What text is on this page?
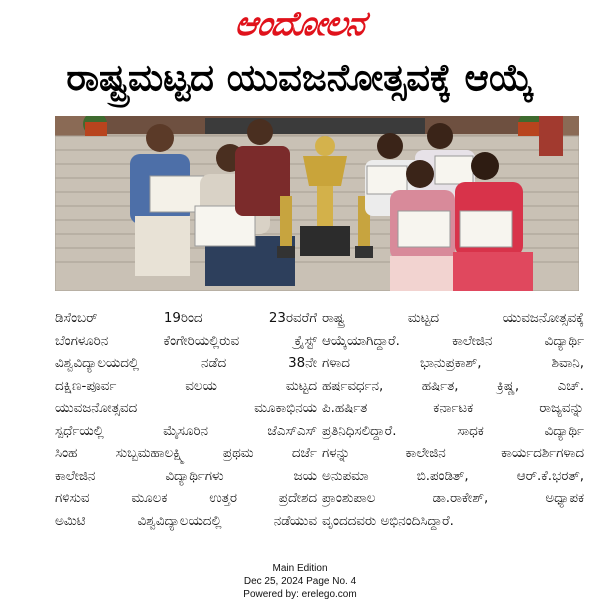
ಆಂದೋಲನ
ರಾಷ್ಟ್ರಮಟ್ಟದ ಯುವಜನೋತ್ಸವಕ್ಕೆ ಆಯ್ಕೆ
ಡಿಸೆಂಬರ್ 19ರಿಂದ 23ರವರೆಗೆ
ಬೆಂಗಳೂರಿನ ಕೆಂಗೇರಿಯಲ್ಲಿರುವ ಕ್ರೈಸ್ಟ್
ವಿಶ್ವವಿದ್ಯಾಲಯದಲ್ಲಿ ನಡೆದ 38ನೇ
ದಕ್ಷಿಣ-ಪೂರ್ವ ವಲಯ ಮಟ್ಟದ
ಯುವಜನೋತ್ಸವದ ಮೂಕಾಭಿನಯ
ಸ್ಪರ್ಧೆಯಲ್ಲಿ ಮೈಸೂರಿನ ಜೆಎಸ್‌ಎಸ್
ಸಿಂಹ ಸುಬ್ಬಮಹಾಲಕ್ಷ್ಮಿ ಪ್ರಥಮ ದರ್ಜೆ
ಕಾಲೇಜಿನ ವಿದ್ಯಾರ್ಥಿಗಳು ಜಯ
ಗಳಿಸುವ ಮೂಲಕ ಉತ್ತರ ಪ್ರದೇಶದ
ಅಮಿಟಿ ವಿಶ್ವವಿದ್ಯಾಲಯದಲ್ಲಿ ನಡೆಯುವ
ರಾಷ್ಟ್ರ ಮಟ್ಟದ ಯುವಜನೋತ್ಸವಕ್ಕೆ
ಆಯ್ಕೆಯಾಗಿದ್ದಾರೆ. ಕಾಲೇಜಿನ ವಿದ್ಯಾರ್ಥಿ
ಗಳಾದ ಭಾನುಪ್ರಕಾಶ್, ಶಿವಾನಿ,
ಹರ್ಷವರ್ಧನ, ಹರ್ಷಿತ, ಕ್ರಿಷ್ಣ, ಎಚ್.
ಪಿ.ಹರ್ಷಿತ ಕರ್ನಾಟಕ ರಾಜ್ಯವನ್ನು
ಪ್ರತಿನಿಧಿಸಲಿದ್ದಾರೆ. ಸಾಧಕ ವಿದ್ಯಾರ್ಥಿ
ಗಳನ್ನು ಕಾಲೇಜಿನ ಕಾರ್ಯದರ್ಶಿಗಳಾದ
ಅನುಪಮಾ ಬಿ.ಪಂಡಿತ್, ಆರ್.ಕೆ.ಭರತ್,
ಪ್ರಾಂಶುಪಾಲ ಡಾ.ರಾಕೇಶ್, ಅಧ್ಯಾಪಕ
ವೃಂದದವರು ಅಭಿನಂದಿಸಿದ್ದಾರೆ.
Main Edition
Dec 25, 2024 Page No. 4
Powered by: erelego.com
